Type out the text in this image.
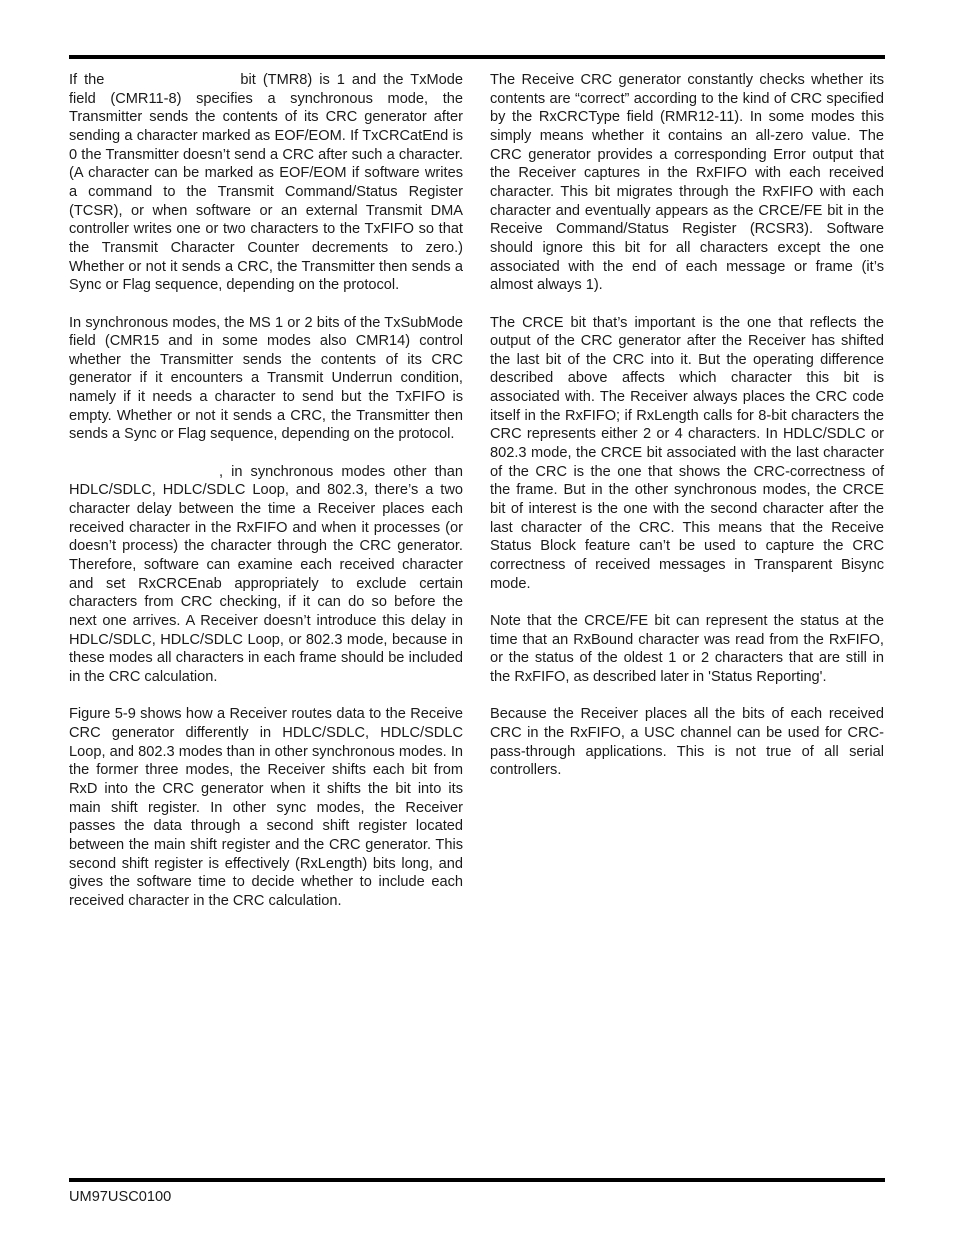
If the	bit (TMR8) is 1 and the TxMode field (CMR11-8) specifies a synchronous mode, the Transmitter sends the contents of its CRC generator after sending a character marked as EOF/EOM. If TxCRCatEnd is 0 the Transmitter doesn’t send a CRC after such a character. (A character can be marked as EOF/EOM if software writes a command to the Transmit Command/Status Register (TCSR), or when software or an external Transmit DMA controller writes one or two characters to the TxFIFO so that the Transmit Character Counter decrements to zero.) Whether or not it sends a CRC, the Transmitter then sends a Sync or Flag sequence, depending on the protocol.

In synchronous modes, the MS 1 or 2 bits of the TxSubMode field (CMR15 and in some modes also CMR14) control whether the Transmitter sends the contents of its CRC generator if it encounters a Transmit Underrun condition, namely if it needs a character to send but the TxFIFO is empty. Whether or not it sends a CRC, the Transmitter then sends a Sync or Flag sequence, depending on the protocol.

, in synchronous modes other than HDLC/SDLC, HDLC/SDLC Loop, and 802.3, there’s a two character delay between the time a Receiver places each received character in the RxFIFO and when it processes (or doesn’t process) the character through the CRC generator. Therefore, software can examine each received character and set RxCRCEnab appropriately to exclude certain characters from CRC checking, if it can do so before the next one arrives. A Receiver doesn’t introduce this delay in HDLC/SDLC, HDLC/SDLC Loop, or 802.3 mode, because in these modes all characters in each frame should be included in the CRC calculation.

Figure 5-9 shows how a Receiver routes data to the Receive CRC generator differently in HDLC/SDLC, HDLC/SDLC Loop, and 802.3 modes than in other synchronous modes. In the former three modes, the Receiver shifts each bit from RxD into the CRC generator when it shifts the bit into its main shift register. In other sync modes, the Receiver passes the data through a second shift register located between the main shift register and the CRC generator. This second shift register is effectively (RxLength) bits long, and gives the software time to decide whether to include each received character in the CRC calculation.

The Receive CRC generator constantly checks whether its contents are “correct” according to the kind of CRC specified by the RxCRCType field (RMR12-11). In some modes this simply means whether it contains an all-zero value. The CRC generator provides a corresponding Error output that the Receiver captures in the RxFIFO with each received character. This bit migrates through the RxFIFO with each character and eventually appears as the CRCE/FE bit in the Receive Command/Status Register (RCSR3). Software should ignore this bit for all characters except the one associated with the end of each message or frame (it’s almost always 1).

The CRCE bit that’s important is the one that reflects the output of the CRC generator after the Receiver has shifted the last bit of the CRC into it. But the operating difference described above affects which character this bit is associated with. The Receiver always places the CRC code itself in the RxFIFO; if RxLength calls for 8-bit characters the CRC represents either 2 or 4 characters. In HDLC/SDLC or 802.3 mode, the CRCE bit associated with the last character of the CRC is the one that shows the CRC-correctness of the frame. But in the other synchronous modes, the CRCE bit of interest is the one with the second character after the last character of the CRC. This means that the Receive Status Block feature can’t be used to capture the CRC correctness of received messages in Transparent Bisync mode.

Note that the CRCE/FE bit can represent the status at the time that an RxBound character was read from the RxFIFO, or the status of the oldest 1 or 2 characters that are still in the RxFIFO, as described later in 'Status Reporting'.

Because the Receiver places all the bits of each received CRC in the RxFIFO, a USC channel can be used for CRC-pass-through applications. This is not true of all serial controllers.

UM97USC0100
